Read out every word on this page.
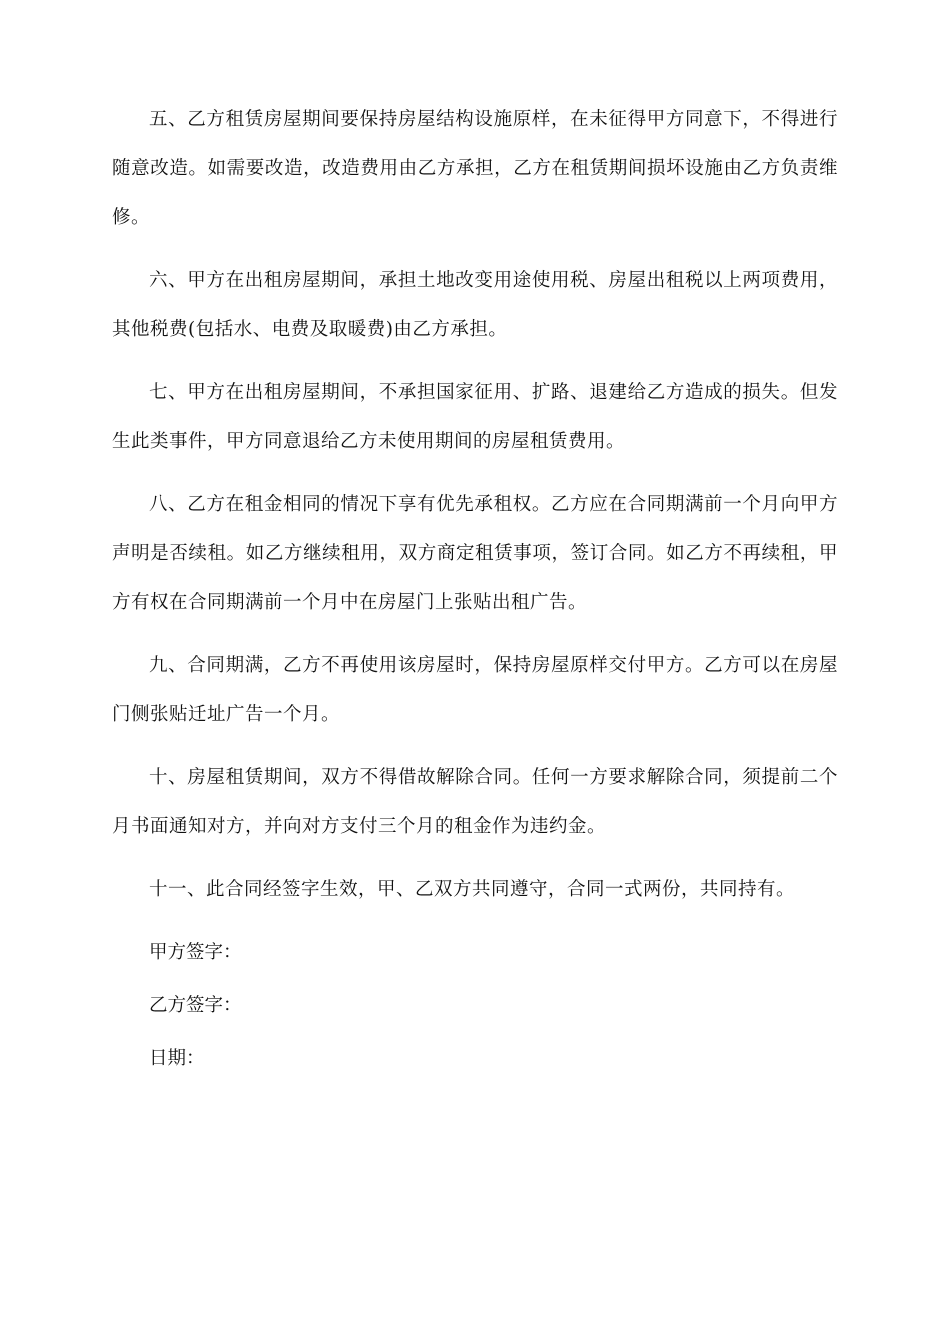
五、乙方租赁房屋期间要保持房屋结构设施原样，在未征得甲方同意下，不得进行随意改造。如需要改造，改造费用由乙方承担，乙方在租赁期间损坏设施由乙方负责维修。

六、甲方在出租房屋期间，承担土地改变用途使用税、房屋出租税以上两项费用，其他税费(包括水、电费及取暖费)由乙方承担。

七、甲方在出租房屋期间，不承担国家征用、扩路、退建给乙方造成的损失。但发生此类事件，甲方同意退给乙方未使用期间的房屋租赁费用。

八、乙方在租金相同的情况下享有优先承租权。乙方应在合同期满前一个月向甲方声明是否续租。如乙方继续租用，双方商定租赁事项，签订合同。如乙方不再续租，甲方有权在合同期满前一个月中在房屋门上张贴出租广告。

九、合同期满，乙方不再使用该房屋时，保持房屋原样交付甲方。乙方可以在房屋门侧张贴迁址广告一个月。

十、房屋租赁期间，双方不得借故解除合同。任何一方要求解除合同，须提前二个月书面通知对方，并向对方支付三个月的租金作为违约金。

十一、此合同经签字生效，甲、乙双方共同遵守，合同一式两份，共同持有。

甲方签字：

乙方签字：

日期：
